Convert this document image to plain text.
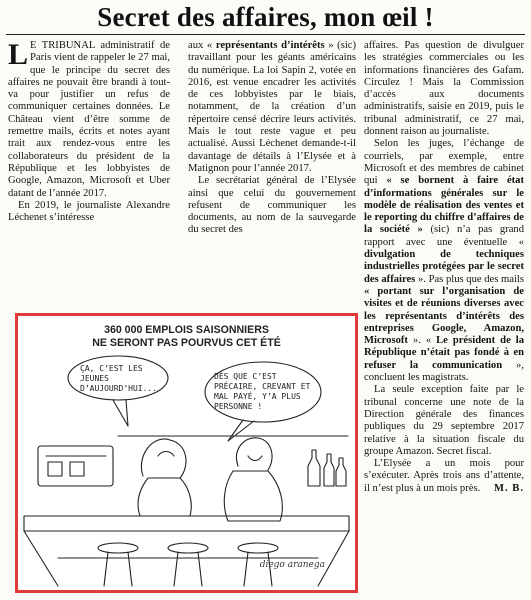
Secret des affaires, mon œil !

L E TRIBUNAL administratif de Paris vient de rappeler le 27 mai, que le principe du secret des affaires ne pouvait être brandi à tout-va pour justifier un refus de communiquer certaines données. Le Château vient d’être somme de remettre mails, écrits et notes ayant trait aux rendez-vous entre les collaborateurs du président de la République et les lobbyistes de Google, Amazon, Microsoft et Uber datant de l’année 2017.

En 2019, le journaliste Alexandre Léchenet s’intéresse

aux « représentants d’intérêts » (sic) travaillant pour les géants américains du numérique. La loi Sapin 2, votée en 2016, est venue encadrer les activités de ces lobbyistes par le biais, notamment, de la création d’un répertoire censé décrire leurs activités. Mais le tout reste vague et peu actualisé. Aussi Léchenet demande-t-il davantage de détails à l’Elysée et à Matignon pour l’année 2017.

Le secrétariat général de l’Elysée ainsi que celui du gouvernement refusent de communiquer les documents, au nom de la sauvegarde du secret des

affaires. Pas question de divulguer les stratégies commerciales ou les informations financières des Gafam. Circulez ! Mais la Commission d’accès aux documents administratifs, saisie en 2019, puis le tribunal administratif, ce 27 mai, donnent raison au journaliste.

Selon les juges, l’échange de courriels, par exemple, entre Microsoft et des membres de cabinet qui « se bornent à faire état d’informations générales sur le modèle de réalisation des ventes et le reporting du chiffre d’affaires de la société » (sic) n’a pas grand rapport avec une éventuelle « divulgation de techniques industrielles protégées par le secret des affaires ». Pas plus que des mails « portant sur l’organisation de visites et de réunions diverses avec les représentants d’intérêts des entreprises Google, Amazon, Microsoft ». « Le président de la République n’était pas fondé à en refuser la communication », concluent les magistrats.

La seule exception faite par le tribunal concerne une note de la Direction générale des finances publiques du 29 septembre 2017 relative à la situation fiscale du groupe Amazon. Secret fiscal.

L’Elysée a un mois pour s’exécuter. Après trois ans d’attente, il n’est plus à un mois près.	M. B.

360 000 EMPLOIS SAISONNIERS
NE SERONT PAS POURVUS CET ÉTÉ
ÇA, C’EST LES JEUNES D’AUJOURD’HUI...
DÈS QUE C’EST PRÉCAIRE, CREVANT ET MAL PAYÉ, Y’A PLUS PERSONNE !
diego aranega
